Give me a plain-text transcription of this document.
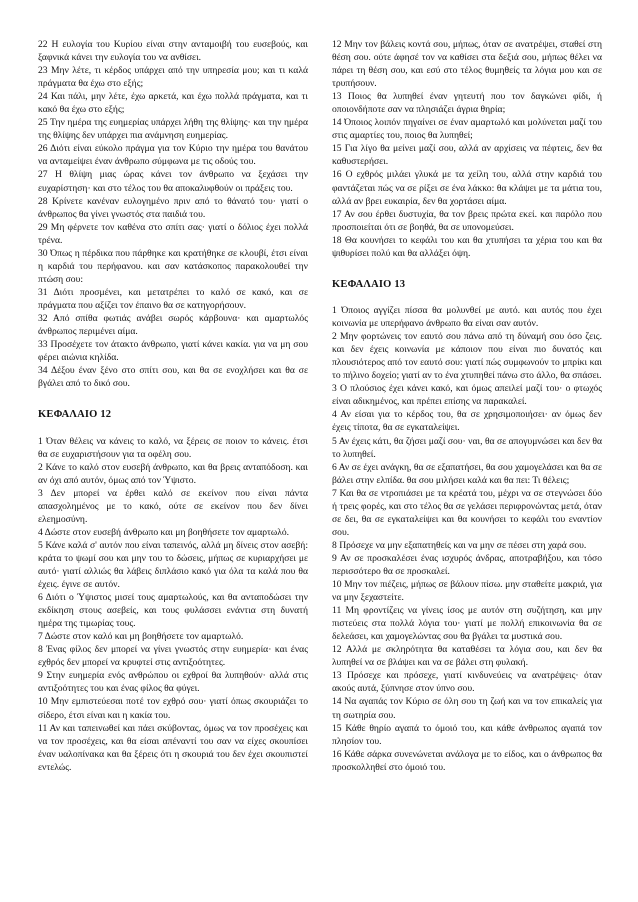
22 Η ευλογία του Κυρίου είναι στην ανταμοιβή του ευσεβούς, και ξαφνικά κάνει την ευλογία του να ανθίσει.

23 Μην λέτε, τι κέρδος υπάρχει από την υπηρεσία μου; και τι καλά πράγματα θα έχω στο εξής;

24 Και πάλι, μην λέτε, έχω αρκετά, και έχω πολλά πράγματα, και τι κακό θα έχω στο εξής;

25 Την ημέρα της ευημερίας υπάρχει λήθη της θλίψης· και την ημέρα της θλίψης δεν υπάρχει πια ανάμνηση ευημερίας.

26 Διότι είναι εύκολο πράγμα για τον Κύριο την ημέρα του θανάτου να ανταμείψει έναν άνθρωπο σύμφωνα με τις οδούς του.

27 Η θλίψη μιας ώρας κάνει τον άνθρωπο να ξεχάσει την ευχαρίστηση· και στο τέλος του θα αποκαλυφθούν οι πράξεις του.

28 Κρίνετε κανέναν ευλογημένο πριν από το θάνατό του· γιατί ο άνθρωπος θα γίνει γνωστός στα παιδιά του.

29 Μη φέρνετε τον καθένα στο σπίτι σας· γιατί ο δόλιος έχει πολλά τρένα.

30 Όπως η πέρδικα που πάρθηκε και κρατήθηκε σε κλουβί, έτσι είναι η καρδιά του περήφανου. και σαν κατάσκοπος παρακολουθεί την πτώση σου:

31 Διότι προσμένει, και μετατρέπει το καλό σε κακό, και σε πράγματα που αξίζει τον έπαινο θα σε κατηγορήσουν.

32 Από σπίθα φωτιάς ανάβει σωρός κάρβουνα· και αμαρτωλός άνθρωπος περιμένει αίμα.

33 Προσέχετε τον άτακτο άνθρωπο, γιατί κάνει κακία. για να μη σου φέρει αιώνια κηλίδα.

34 Δέξου έναν ξένο στο σπίτι σου, και θα σε ενοχλήσει και θα σε βγάλει από το δικό σου.

ΚΕΦΑΛΑΙΟ 12

1 Όταν θέλεις να κάνεις το καλό, να ξέρεις σε ποιον το κάνεις. έτσι θα σε ευχαριστήσουν για τα οφέλη σου.

2 Κάνε το καλό στον ευσεβή άνθρωπο, και θα βρεις ανταπόδοση. και αν όχι από αυτόν, όμως από τον Ύψιστο.

3 Δεν μπορεί να έρθει καλό σε εκείνον που είναι πάντα απασχολημένος με το κακό, ούτε σε εκείνον που δεν δίνει ελεημοσύνη.

4 Δώστε στον ευσεβή άνθρωπο και μη βοηθήσετε τον αμαρτωλό.

5 Κάνε καλά σ' αυτόν που είναι ταπεινός, αλλά μη δίνεις στον ασεβή: κράτα το ψωμί σου και μην του το δώσεις, μήπως σε κυριαρχήσει με αυτό· γιατί αλλιώς θα λάβεις διπλάσιο κακό για όλα τα καλά που θα έχεις. έγινε σε αυτόν.

6 Διότι ο Ύψιστος μισεί τους αμαρτωλούς, και θα ανταποδώσει την εκδίκηση στους ασεβείς, και τους φυλάσσει ενάντια στη δυνατή ημέρα της τιμωρίας τους.

7 Δώστε στον καλό και μη βοηθήσετε τον αμαρτωλό.

8 Ένας φίλος δεν μπορεί να γίνει γνωστός στην ευημερία· και ένας εχθρός δεν μπορεί να κρυφτεί στις αντιξοότητες.

9 Στην ευημερία ενός ανθρώπου οι εχθροί θα λυπηθούν· αλλά στις αντιξοότητες του και ένας φίλος θα φύγει.

10 Μην εμπιστεύεσαι ποτέ τον εχθρό σου· γιατί όπως σκουριάζει το σίδερο, έτσι είναι και η κακία του.

11 Αν και ταπεινωθεί και πάει σκύβοντας, όμως να τον προσέχεις και να τον προσέχεις, και θα είσαι απέναντί του σαν να είχες σκουπίσει έναν υαλοπίνακα και θα ξέρεις ότι η σκουριά του δεν έχει σκουπιστεί εντελώς.

12 Μην τον βάλεις κοντά σου, μήπως, όταν σε ανατρέψει, σταθεί στη θέση σου. ούτε άφησέ τον να καθίσει στα δεξιά σου, μήπως θέλει να πάρει τη θέση σου, και εσύ στο τέλος θυμηθείς τα λόγια μου και σε τρυπήσουν.

13 Ποιος θα λυπηθεί έναν γητευτή που τον δαγκώνει φίδι, ή οποιονδήποτε σαν να πλησιάζει άγρια θηρία;

14 Όποιος λοιπόν πηγαίνει σε έναν αμαρτωλό και μολύνεται μαζί του στις αμαρτίες του, ποιος θα λυπηθεί;

15 Για λίγο θα μείνει μαζί σου, αλλά αν αρχίσεις να πέφτεις, δεν θα καθυστερήσει.

16 Ο εχθρός μιλάει γλυκά με τα χείλη του, αλλά στην καρδιά του φαντάζεται πώς να σε ρίξει σε ένα λάκκο: θα κλάψει με τα μάτια του, αλλά αν βρει ευκαιρία, δεν θα χορτάσει αίμα.

17 Αν σου έρθει δυστυχία, θα τον βρεις πρώτα εκεί. και παρόλο που προσποιείται ότι σε βοηθά, θα σε υπονομεύσει.

18 Θα κουνήσει το κεφάλι του και θα χτυπήσει τα χέρια του και θα ψιθυρίσει πολύ και θα αλλάξει όψη.

ΚΕΦΑΛΑΙΟ 13

1 Όποιος αγγίζει πίσσα θα μολυνθεί με αυτό. και αυτός που έχει κοινωνία με υπερήφανο άνθρωπο θα είναι σαν αυτόν.

2 Μην φορτώνεις τον εαυτό σου πάνω από τη δύναμή σου όσο ζεις. και δεν έχεις κοινωνία με κάποιον που είναι πιο δυνατός και πλουσιότερος από τον εαυτό σου: γιατί πώς συμφωνούν το μπρίκι και το πήλινο δοχείο; γιατί αν το ένα χτυπηθεί πάνω στο άλλο, θα σπάσει.

3 Ο πλούσιος έχει κάνει κακό, και όμως απειλεί μαζί του· ο φτωχός είναι αδικημένος, και πρέπει επίσης να παρακαλεί.

4 Αν είσαι για το κέρδος του, θα σε χρησιμοποιήσει· αν όμως δεν έχεις τίποτα, θα σε εγκαταλείψει.

5 Αν έχεις κάτι, θα ζήσει μαζί σου· ναι, θα σε απογυμνώσει και δεν θα το λυπηθεί.

6 Αν σε έχει ανάγκη, θα σε εξαπατήσει, θα σου χαμογελάσει και θα σε βάλει στην ελπίδα. θα σου μιλήσει καλά και θα πει: Τι θέλεις;

7 Και θα σε ντροπιάσει με τα κρέατά του, μέχρι να σε στεγνώσει δύο ή τρεις φορές, και στο τέλος θα σε γελάσει περιφρονώντας μετά, όταν σε δει, θα σε εγκαταλείψει και θα κουνήσει το κεφάλι του εναντίον σου.

8 Πρόσεχε να μην εξαπατηθείς και να μην σε πέσει στη χαρά σου.

9 Αν σε προσκαλέσει ένας ισχυρός άνδρας, αποτραβήξου, και τόσο περισσότερο θα σε προσκαλεί.

10 Μην τον πιέζεις, μήπως σε βάλουν πίσω. μην σταθείτε μακριά, για να μην ξεχαστείτε.

11 Μη φροντίζεις να γίνεις ίσος με αυτόν στη συζήτηση, και μην πιστεύεις στα πολλά λόγια του· γιατί με πολλή επικοινωνία θα σε δελεάσει, και χαμογελώντας σου θα βγάλει τα μυστικά σου.

12 Αλλά με σκληρότητα θα καταθέσει τα λόγια σου, και δεν θα λυπηθεί να σε βλάψει και να σε βάλει στη φυλακή.

13 Πρόσεχε και πρόσεχε, γιατί κινδυνεύεις να ανατρέψεις· όταν ακούς αυτά, ξύπνησε στον ύπνο σου.

14 Να αγαπάς τον Κύριο σε όλη σου τη ζωή και να τον επικαλείς για τη σωτηρία σου.

15 Κάθε θηρίο αγαπά το όμοιό του, και κάθε άνθρωπος αγαπά τον πλησίον του.

16 Κάθε σάρκα συνενώνεται ανάλογα με το είδος, και ο άνθρωπος θα προσκολληθεί στο όμοιό του.
